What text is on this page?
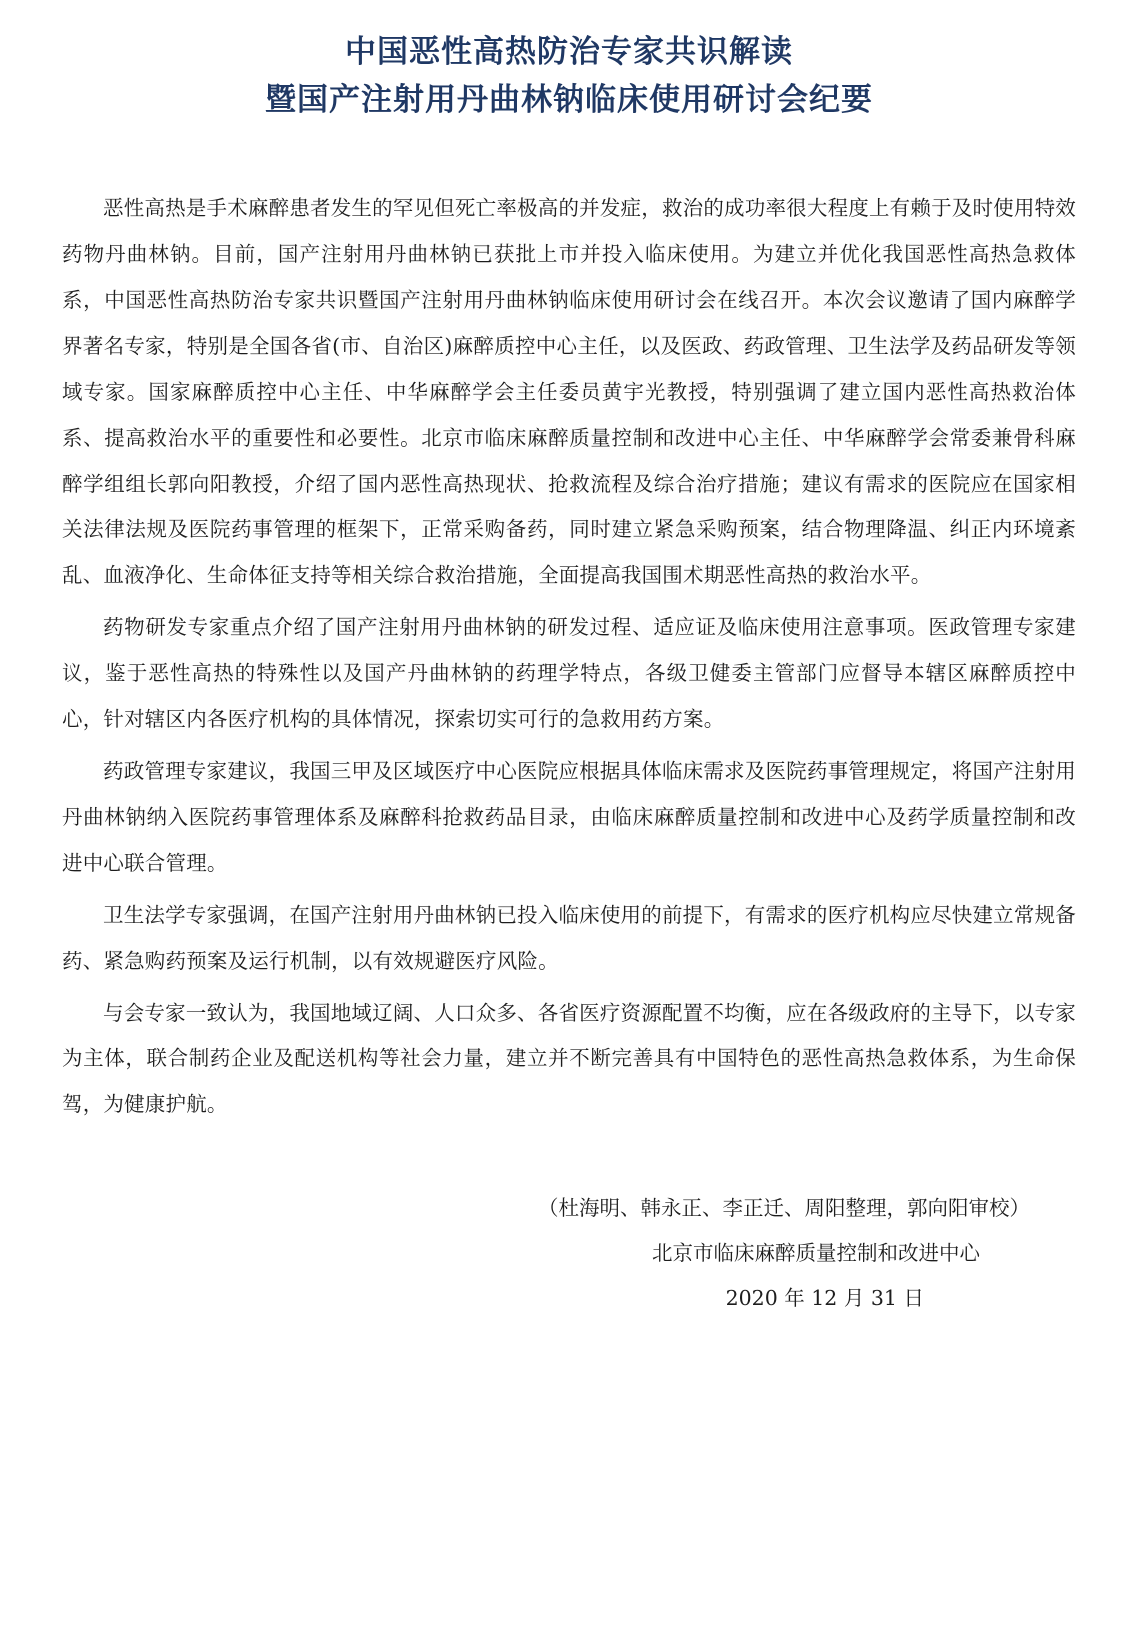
中国恶性高热防治专家共识解读
暨国产注射用丹曲林钠临床使用研讨会纪要

恶性高热是手术麻醉患者发生的罕见但死亡率极高的并发症，救治的成功率很大程度上有赖于及时使用特效药物丹曲林钠。目前，国产注射用丹曲林钠已获批上市并投入临床使用。为建立并优化我国恶性高热急救体系，中国恶性高热防治专家共识暨国产注射用丹曲林钠临床使用研讨会在线召开。本次会议邀请了国内麻醉学界著名专家，特别是全国各省(市、自治区)麻醉质控中心主任，以及医政、药政管理、卫生法学及药品研发等领域专家。国家麻醉质控中心主任、中华麻醉学会主任委员黄宇光教授，特别强调了建立国内恶性高热救治体系、提高救治水平的重要性和必要性。北京市临床麻醉质量控制和改进中心主任、中华麻醉学会常委兼骨科麻醉学组组长郭向阳教授，介绍了国内恶性高热现状、抢救流程及综合治疗措施；建议有需求的医院应在国家相关法律法规及医院药事管理的框架下，正常采购备药，同时建立紧急采购预案，结合物理降温、纠正内环境紊乱、血液净化、生命体征支持等相关综合救治措施，全面提高我国围术期恶性高热的救治水平。

药物研发专家重点介绍了国产注射用丹曲林钠的研发过程、适应证及临床使用注意事项。医政管理专家建议，鉴于恶性高热的特殊性以及国产丹曲林钠的药理学特点，各级卫健委主管部门应督导本辖区麻醉质控中心，针对辖区内各医疗机构的具体情况，探索切实可行的急救用药方案。

药政管理专家建议，我国三甲及区域医疗中心医院应根据具体临床需求及医院药事管理规定，将国产注射用丹曲林钠纳入医院药事管理体系及麻醉科抢救药品目录，由临床麻醉质量控制和改进中心及药学质量控制和改进中心联合管理。

卫生法学专家强调，在国产注射用丹曲林钠已投入临床使用的前提下，有需求的医疗机构应尽快建立常规备药、紧急购药预案及运行机制，以有效规避医疗风险。

与会专家一致认为，我国地域辽阔、人口众多、各省医疗资源配置不均衡，应在各级政府的主导下，以专家为主体，联合制药企业及配送机构等社会力量，建立并不断完善具有中国特色的恶性高热急救体系，为生命保驾，为健康护航。

（杜海明、韩永正、李正迁、周阳整理，郭向阳审校）
北京市临床麻醉质量控制和改进中心
2020 年 12 月 31 日
